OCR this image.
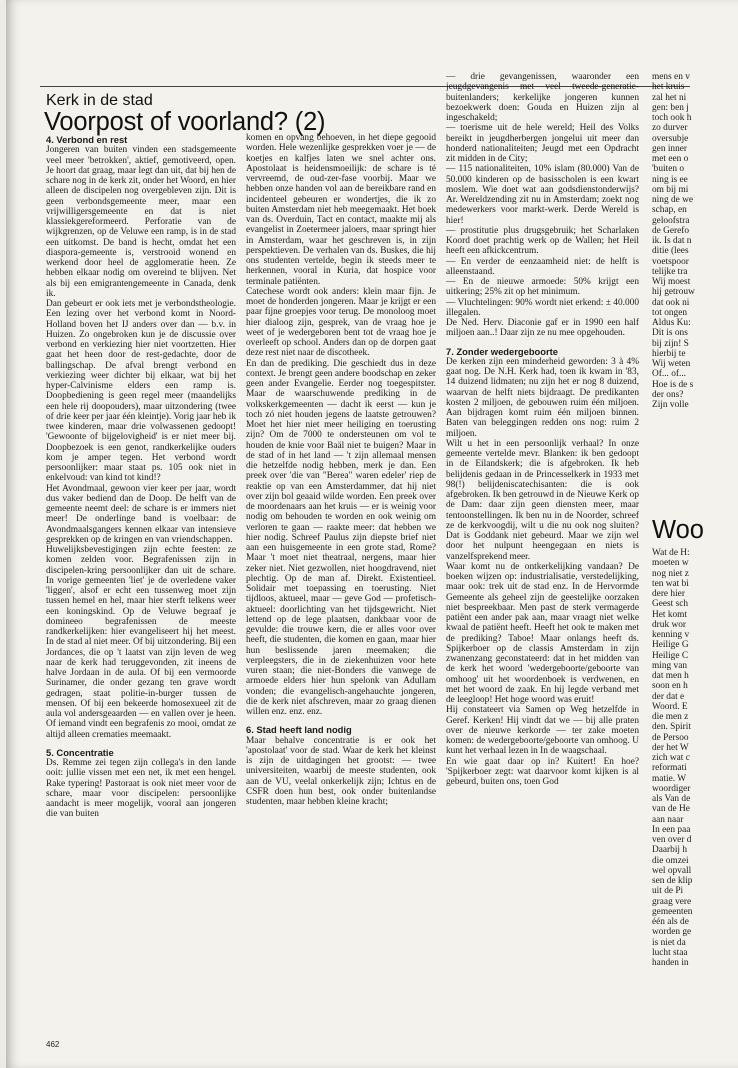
Kerk in de stad
Voorpost of voorland? (2)

4. Verbond en rest

Jongeren van buiten vinden een stadsgemeente veel meer 'betrokken', aktief, gemotiveerd, open. Je hoort dat graag, maar legt dan uit, dat bij hen de schare nog in de kerk zit, onder het Woord, en hier alleen de discipelen nog overgebleven zijn. Dit is geen verbondsgemeente meer, maar een vrijwilligersgemeente en dat is niet klassiekgereformeerd. Perforatie van de wijkgrenzen, op de Veluwe een ramp, is in de stad een uitkomst. De band is hecht, omdat het een diaspora-gemeente is, verstrooid wonend en werkend door heel de agglomeratie heen. Ze hebben elkaar nodig om overeind te blijven. Net als bij een emigrantengemeente in Canada, denk ik.

Dan gebeurt er ook iets met je verbondstheologie. Een lezing over het verbond komt in Noord-Holland boven het IJ anders over dan — b.v. in Huizen. Zo ongebroken kun je de discussie over verbond en verkiezing hier niet voortzetten. Hier gaat het heen door de rest-gedachte, door de ballingschap. De afval brengt verbond en verkiezing weer dichter bij elkaar, wat bij het hyper-Calvinisme elders een ramp is. Doopbediening is geen regel meer (maandelijks een hele rij doopouders), maar uitzondering (twee of drie keer per jaar één kleintje). Vorig jaar heb ik twee kinderen, maar drie volwassenen gedoopt! 'Gewoonte of bijgelovigheid' is er niet meer bij. Doopbezoek is een genot, randkerkelijke ouders kom je amper tegen. Het verbond wordt persoonlijker: maar staat ps. 105 ook niet in enkelvoud: van kind tot kind!?

Het Avondmaal, gewoon vier keer per jaar, wordt dus vaker bediend dan de Doop. De helft van de gemeente neemt deel: de schare is er immers niet meer! De onderlinge band is voelbaar: de Avondmaalsgangers kennen elkaar van intensieve gesprekken op de kringen en van vriendschappen.

Huwelijksbevestigingen zijn echte feesten: ze komen zelden voor. Begrafenissen zijn in discipelen-kring persoonlijker dan uit de schare. In vorige gemeenten 'liet' je de overledene vaker 'liggen', alsof er echt een tussenweg moet zijn tussen hemel en hel, maar hier sterft telkens weer een koningskind. Op de Veluwe begraaf je domineeo begrafenissen de meeste randkerkelijken: hier evangeliseert hij het meest. In de stad al niet meer. Of bij uitzondering. Bij een Jordances, die op 't laatst van zijn leven de weg naar de kerk had teruggevonden, zit ineens de halve Jordaan in de aula. Of bij een vermoorde Surinamer, die onder gezang ten grave wordt gedragen, staat politie-in-burger tussen de mensen. Of bij een bekeerde homosexueel zit de aula vol andersgeaarden — en vallen over je heen. Of iemand vindt een begrafenis zo mooi, omdat ze altijd alleen crematies meemaakt.

5. Concentratie

Ds. Remme zei tegen zijn collega's in den lande ooit: jullie vissen met een net, ik met een hengel. Rake typering! Pastoraat is ook niet meer voor de schare, maar voor discipelen: persoonlijke aandacht is meer mogelijk, vooral aan jongeren die van buiten

komen en opvang behoeven, in het diepe gegooid worden. Hele wezenlijke gesprekken voer je — de koetjes en kalfjes laten we snel achter ons. Apostolaat is heidensmoeilijk: de schare is té vervreemd, de oud-zer-fase voorbij. Maar we hebben onze handen vol aan de bereikbare rand en incidenteel gebeuren er wondertjes, die ik zo buiten Amsterdam niet heb meegemaakt. Het boek van ds. Overduin, Tact en contact, maakte mij als evangelist in Zoetermeer jaloers, maar springt hier in Amsterdam, waar het geschreven is, in zijn perspektieven. De verhalen van ds. Buskes, die hij ons studenten vertelde, begin ik steeds meer te herkennen, vooral in Kuria, dat hospice voor terminale patiënten.

Catechese wordt ook anders: klein maar fijn. Je moet de honderden jongeren. Maar je krijgt er een paar fijne groepjes voor terug. De monoloog moet hier dialoog zijn, gesprek, van de vraag hoe je weet of je wedergeboren bent tot de vraag hoe je overleeft op school. Anders dan op de dorpen gaat deze rest niet naar de discotheek.

En dan de prediking. Die geschiedt dus in deze context. Je brengt geen andere boodschap en zeker geen ander Evangelie. Eerder nog toegespitster. Maar de waarschuwende prediking in de volkskerkgemeenten — dacht ik eerst — kun je toch zó niet houden jegens de laatste getrouwen? Moet het hier niet meer heiliging en toerusting zijn? Om de 7000 te ondersteunen om vol te houden de knie voor Baäl niet te buigen? Maar in de stad of in het land — 't zijn allemaal mensen die hetzelfde nodig hebben, merk je dan. Een preek over 'die van "Berea" waren edeler' riep de reaktie op van een Amsterdammer, dat hij niet over zijn bol geaaid wilde worden. Een preek over de moordenaars aan het kruis — er is weinig voor nodig om behouden te worden en ook weinig om verloren te gaan — raakte meer: dat hebben we hier nodig. Schreef Paulus zijn diepste brief niet aan een huisgemeente in een grote stad, Rome? Maar 't moet niet theatraal, nergens, maar hier zeker niet. Niet gezwollen, niet hoogdravend, niet plechtig. Op de man af. Direkt. Existentieel. Solidair met toepassing en toerusting. Niet tijdloos, aktueel, maar — geve God — profetisch-aktueel: doorlichting van het tijdsgewricht. Niet lettend op de lege plaatsen, dankbaar voor de gevulde: die trouwe kern, die er alles voor over heeft, die studenten, die komen en gaan, maar hier hun beslissende jaren meemaken; die verpleegsters, die in de ziekenhuizen voor hete vuren staan; die niet-Bonders die vanwege de armoede elders hier hun spelonk van Adullam vonden; die evangelisch-angehauchte jongeren, die de kerk niet afschreven, maar zo graag dienen willen enz. enz. enz.

6. Stad heeft land nodig

Maar behalve concentratie is er ook het 'apostolaat' voor de stad. Waar de kerk het kleinst is zijn de uitdagingen het grootst: — twee universiteiten, waarbij de meeste studenten, ook aan de VU, veelal onkerkelijk zijn; Ichtus en de CSFR doen hun best, ook onder buitenlandse studenten, maar hebben kleine kracht;

— drie gevangenissen, waaronder een jeugdgevangenis met veel tweede-generatie-buitenlanders; kerkelijke jongeren kunnen bezoekwerk doen: Gouda en Huizen zijn al ingeschakeld;

— toerisme uit de hele wereld; Heil des Volks bereikt in jeugdherbergen jongelui uit meer dan honderd nationaliteiten; Jeugd met een Opdracht zit midden in de City;

— 115 nationaliteiten, 10% islam (80.000) Van de 50.000 kinderen op de basisscholen is een kwart moslem. Wie doet wat aan godsdienstonderwijs? Ar. Wereldzending zit nu in Amsterdam; zoekt nog medewerkers voor markt-werk. Derde Wereld is hier!

— prostitutie plus drugsgebruik; het Scharlaken Koord doet prachtig werk op de Wallen; het Heil heeft een afkickcentrum.

— En verder de eenzaamheid niet: de helft is alleenstaand.

— En de nieuwe armoede: 50% krijgt een uitkering; 25% zit op het minimum.

— Vluchtelingen: 90% wordt niet erkend: ± 40.000 illegalen.

De Ned. Herv. Diaconie gaf er in 1990 een half miljoen aan..! Daar zijn ze nu mee opgehouden.

7. Zonder wedergeboorte

De kerken zijn een minderheid geworden: 3 à 4% gaat nog. De N.H. Kerk had, toen ik kwam in '83, 14 duizend lidmaten; nu zijn het er nog 8 duizend, waarvan de helft niets bijdraagt. De predikanten kosten 2 miljoen, de gebouwen ruim één miljoen. Aan bijdragen komt ruim één miljoen binnen. Baten van beleggingen redden ons nog: ruim 2 miljoen.

Wilt u het in een persoonlijk verhaal? In onze gemeente vertelde mevr. Blanken: ik ben gedoopt in de Eilandskerk; die is afgebroken. Ik heb belijdenis gedaan in de Princesselkerk in 1933 met 98(!) belijdeniscatechisanten: die is ook afgebroken. Ik ben getrouwd in de Nieuwe Kerk op de Dam: daar zijn geen diensten meer, maar tentoonstellingen. Ik ben nu in de Noorder, schreef ze de kerkvoogdij, wilt u die nu ook nog sluiten? Dat is Goddank niet gebeurd. Maar we zijn wel door het nulpunt heengegaan en niets is vanzelfsprekend meer.

Waar komt nu de ontkerkelijking vandaan? De boeken wijzen op: industrialisatie, verstedelijking, maar ook: trek uit de stad enz. In de Hervormde Gemeente als geheel zijn de geestelijke oorzaken niet bespreekbaar. Men past de sterk vermagerde patiënt een ander pak aan, maar vraagt niet welke kwaal de patiënt heeft. Heeft het ook te maken met de prediking? Taboe! Maar onlangs heeft ds. Spijkerboer op de classis Amsterdam in zijn zwanenzang geconstateerd: dat in het midden van de kerk het woord 'wedergeboorte/geboorte van omhoog' uit het woordenboek is verdwenen, en met het woord de zaak. En hij legde verband met de leegloop! Het hoge woord was eruit!

Hij constateert via Samen op Weg hetzelfde in Geref. Kerken! Hij vindt dat we — bij alle praten over de nieuwe kerkorde — ter zake moeten komen: de wedergeboorte/geboorte van omhoog. U kunt het verhaal lezen in In de waagschaal.

En wie gaat daar op in? Kuitert! En hoe? 'Spijkerboer zegt: wat daarvoor komt kijken is al gebeurd, buiten ons, toen God

mens en v

het kruis

zal het ni

gen: ben j

toch ook h

zo durver

oversubje

gen inner

met een o

'buiten o

ning is ee

om bij mi

ning de we

schap, en

geloofstra

de Gerefo

ik. Is dat n

ditie (lees

voetspoor

telijke tra

Wij moest

hij getrouw

dat ook ni

tot ongen

Aldus Ku:

Dit is ons

bij zijn! S

hierbij te

Wij weten

Of... of...

Hoe is de s

der ons?

Zijn volle

Woo

Wat de H:

moeten w

nog niet z

ten wat bi

dere hier

Geest sch

Het komt

druk wor

kenning v

Heilige G

Heilige C

ming van

dat men h

soon en h

der dat e

Woord. E

die men z

den. Spirit

de Persoo

der het W

zich wat c

reformati

matie. W

woordiger

als Van de

van de He

aan naar

In een paa

ven over d

Daarbij h

die omzei

wel opvall

sen de klip

uit de Pi

graag vere

gemeenten

één als de

worden ge

is niet da

lucht staa

handen in

462
